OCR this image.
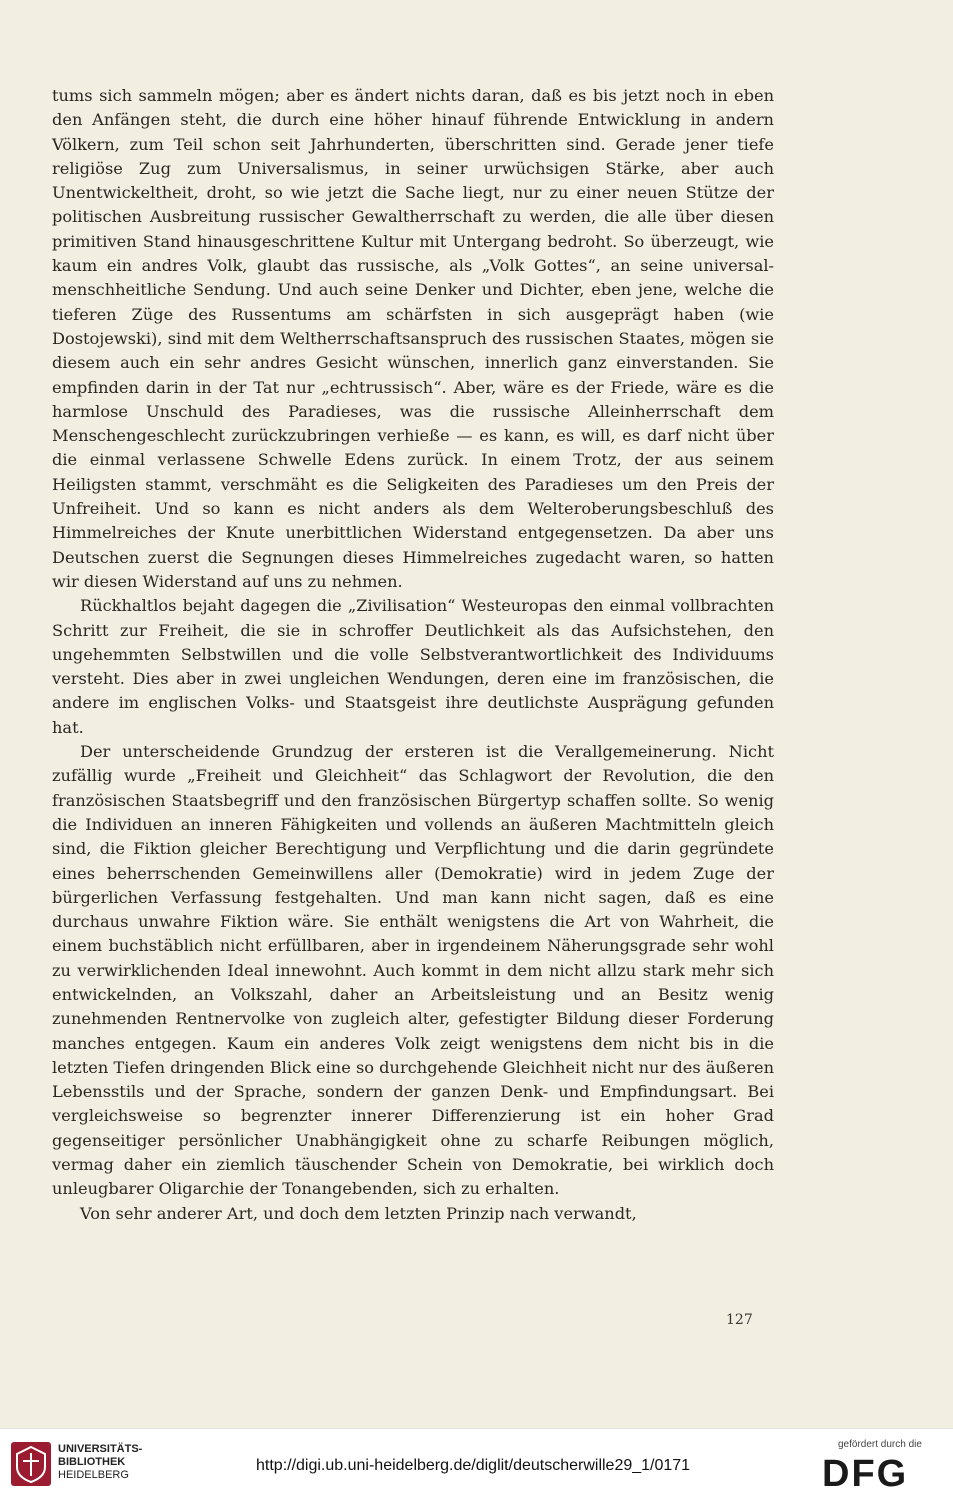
tums sich sammeln mögen; aber es ändert nichts daran, daß es bis jetzt noch in eben den Anfängen steht, die durch eine höher hinauf führende Entwicklung in andern Völkern, zum Teil schon seit Jahrhunderten, überschritten sind. Gerade jener tiefe religiöse Zug zum Universalismus, in seiner urwüchsigen Stärke, aber auch Unentwickeltheit, droht, so wie jetzt die Sache liegt, nur zu einer neuen Stütze der politischen Ausbreitung russischer Gewaltherrschaft zu werden, die alle über diesen primitiven Stand hinausgeschrittene Kultur mit Untergang bedroht. So überzeugt, wie kaum ein andres Volk, glaubt das russische, als „Volk Gottes“, an seine universal-menschheitliche Sendung. Und auch seine Denker und Dichter, eben jene, welche die tieferen Züge des Russentums am schärfsten in sich ausgeprägt haben (wie Dostojewski), sind mit dem Weltherrschaftsanspruch des russischen Staates, mögen sie diesem auch ein sehr andres Gesicht wünschen, innerlich ganz einverstanden. Sie empfinden darin in der Tat nur „echtrussisch“. Aber, wäre es der Friede, wäre es die harmlose Unschuld des Paradieses, was die russische Alleinherrschaft dem Menschengeschlecht zurückzubringen verhieße — es kann, es will, es darf nicht über die einmal verlassene Schwelle Edens zurück. In einem Trotz, der aus seinem Heiligsten stammt, verschmäht es die Seligkeiten des Paradieses um den Preis der Unfreiheit. Und so kann es nicht anders als dem Welteroberungsbeschluß des Himmelreiches der Knute unerbittlichen Widerstand entgegensetzen. Da aber uns Deutschen zuerst die Segnungen dieses Himmelreiches zugedacht waren, so hatten wir diesen Widerstand auf uns zu nehmen.

Rückhaltlos bejaht dagegen die „Zivilisation“ Westeuropas den einmal vollbrachten Schritt zur Freiheit, die sie in schroffer Deutlichkeit als das Aufsichstehen, den ungehemmten Selbstwillen und die volle Selbstverantwortlichkeit des Individuums versteht. Dies aber in zwei ungleichen Wendungen, deren eine im französischen, die andere im englischen Volks- und Staatsgeist ihre deutlichste Ausprägung gefunden hat.

Der unterscheidende Grundzug der ersteren ist die Verallgemeinerung. Nicht zufällig wurde „Freiheit und Gleichheit“ das Schlagwort der Revolution, die den französischen Staatsbegriff und den französischen Bürgertyp schaffen sollte. So wenig die Individuen an inneren Fähigkeiten und vollends an äußeren Machtmitteln gleich sind, die Fiktion gleicher Berechtigung und Verpflichtung und die darin gegründete eines beherrschenden Gemeinwillens aller (Demokratie) wird in jedem Zuge der bürgerlichen Verfassung festgehalten. Und man kann nicht sagen, daß es eine durchaus unwahre Fiktion wäre. Sie enthält wenigstens die Art von Wahrheit, die einem buchstäblich nicht erfüllbaren, aber in irgendeinem Näherungsgrade sehr wohl zu verwirklichenden Ideal innewohnt. Auch kommt in dem nicht allzu stark mehr sich entwickelnden, an Volkszahl, daher an Arbeitsleistung und an Besitz wenig zunehmenden Rentnervolke von zugleich alter, gefestigter Bildung dieser Forderung manches entgegen. Kaum ein anderes Volk zeigt wenigstens dem nicht bis in die letzten Tiefen dringenden Blick eine so durchgehende Gleichheit nicht nur des äußeren Lebensstils und der Sprache, sondern der ganzen Denk- und Empfindungsart. Bei vergleichsweise so begrenzter innerer Differenzierung ist ein hoher Grad gegenseitiger persönlicher Unabhängigkeit ohne zu scharfe Reibungen möglich, vermag daher ein ziemlich täuschender Schein von Demokratie, bei wirklich doch unleugbarer Oligarchie der Tonangebenden, sich zu erhalten.

Von sehr anderer Art, und doch dem letzten Prinzip nach verwandt,

127
UNIVERSITÄTS-
BIBLIOTHEK
HEIDELBERG
http://digi.ub.uni-heidelberg.de/diglit/deutscherwille29_1/0171
gefördert durch die
DFG
